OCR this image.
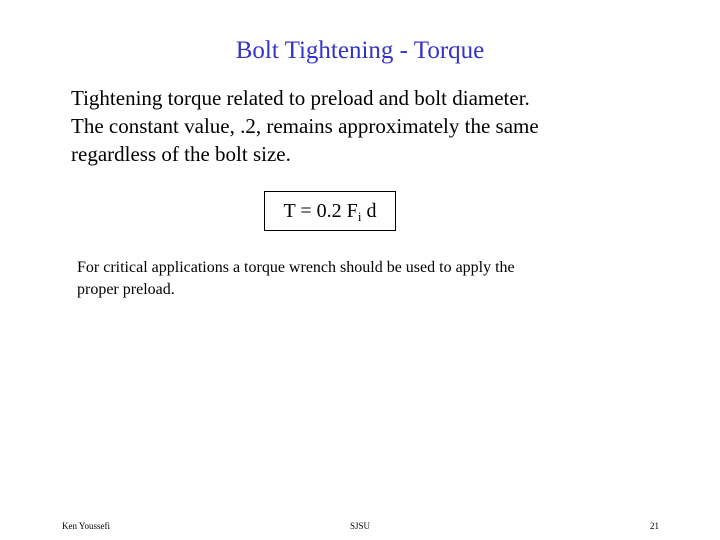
Bolt Tightening - Torque
Tightening torque related to preload and bolt diameter.
The constant value, .2, remains approximately the same
regardless of the bolt size.
T = 0.2 $F_i$ d
For critical applications a torque wrench should be used to apply the
proper preload.
Ken Youssefi	SJSU	21
